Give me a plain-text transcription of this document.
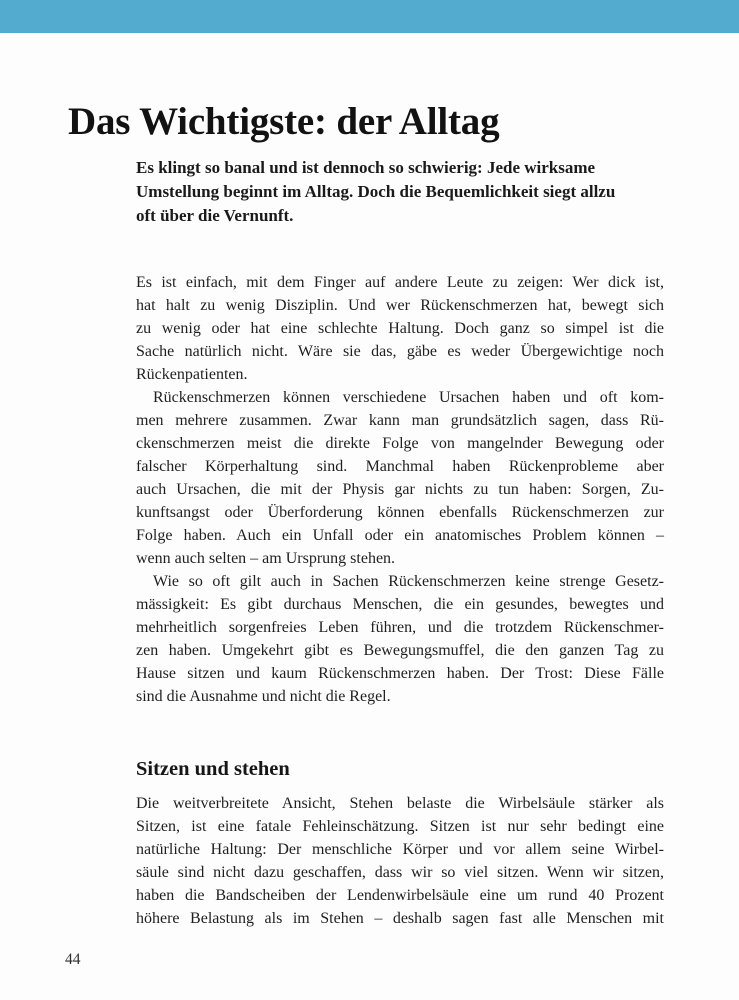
Das Wichtigste: der Alltag
Es klingt so banal und ist dennoch so schwierig: Jede wirksame
Umstellung beginnt im Alltag. Doch die Bequemlichkeit siegt allzu
oft über die Vernunft.
Es ist einfach, mit dem Finger auf andere Leute zu zeigen: Wer dick ist,
hat halt zu wenig Disziplin. Und wer Rückenschmerzen hat, bewegt sich
zu wenig oder hat eine schlechte Haltung. Doch ganz so simpel ist die
Sache natürlich nicht. Wäre sie das, gäbe es weder Übergewichtige noch
Rückenpatienten.
Rückenschmerzen können verschiedene Ursachen haben und oft kom-
men mehrere zusammen. Zwar kann man grundsätzlich sagen, dass Rü-
ckenschmerzen meist die direkte Folge von mangelnder Bewegung oder
falscher Körperhaltung sind. Manchmal haben Rückenprobleme aber
auch Ursachen, die mit der Physis gar nichts zu tun haben: Sorgen, Zu-
kunftsangst oder Überforderung können ebenfalls Rückenschmerzen zur
Folge haben. Auch ein Unfall oder ein anatomisches Problem können –
wenn auch selten – am Ursprung stehen.
Wie so oft gilt auch in Sachen Rückenschmerzen keine strenge Gesetz-
mässigkeit: Es gibt durchaus Menschen, die ein gesundes, bewegtes und
mehrheitlich sorgenfreies Leben führen, und die trotzdem Rückenschmer-
zen haben. Umgekehrt gibt es Bewegungsmuffel, die den ganzen Tag zu
Hause sitzen und kaum Rückenschmerzen haben. Der Trost: Diese Fälle
sind die Ausnahme und nicht die Regel.
Sitzen und stehen
Die weitverbreitete Ansicht, Stehen belaste die Wirbelsäule stärker als
Sitzen, ist eine fatale Fehleinschätzung. Sitzen ist nur sehr bedingt eine
natürliche Haltung: Der menschliche Körper und vor allem seine Wirbel-
säule sind nicht dazu geschaffen, dass wir so viel sitzen. Wenn wir sitzen,
haben die Bandscheiben der Lendenwirbelsäule eine um rund 40 Prozent
höhere Belastung als im Stehen – deshalb sagen fast alle Menschen mit
44
